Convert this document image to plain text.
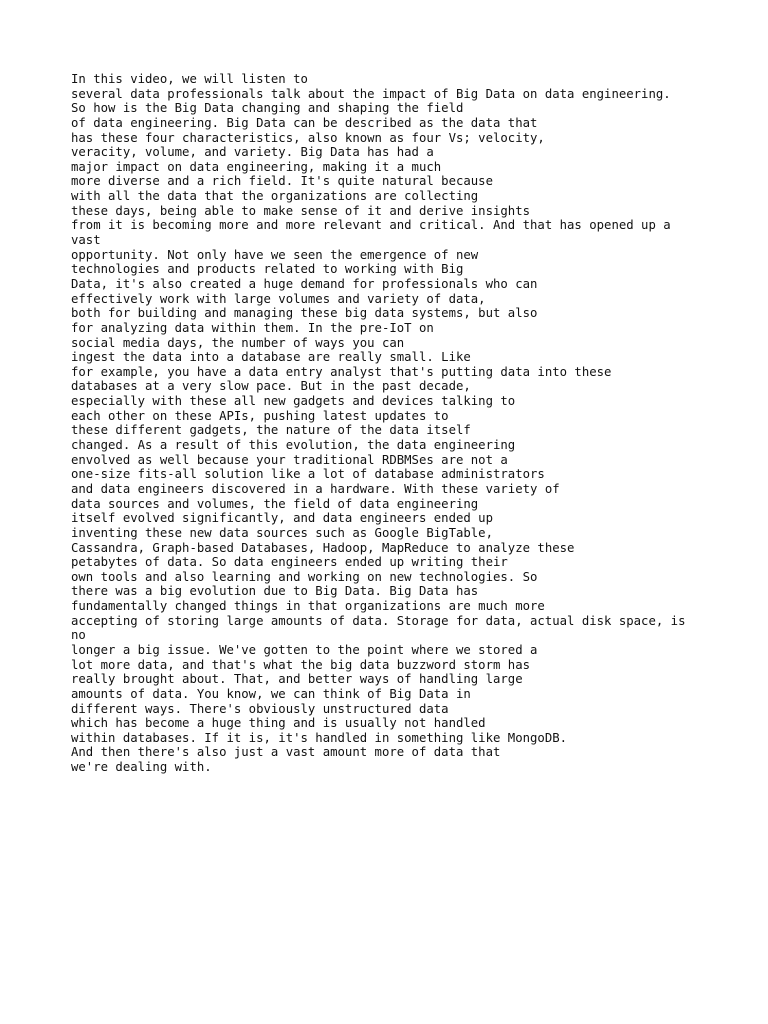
In this video, we will listen to
several data professionals talk about the impact of Big Data on data engineering.
So how is the Big Data changing and shaping the field
of data engineering. Big Data can be described as the data that
has these four characteristics, also known as four Vs; velocity,
veracity, volume, and variety. Big Data has had a
major impact on data engineering, making it a much
more diverse and a rich field. It's quite natural because
with all the data that the organizations are collecting
these days, being able to make sense of it and derive insights
from it is becoming more and more relevant and critical. And that has opened up a
vast
opportunity. Not only have we seen the emergence of new
technologies and products related to working with Big
Data, it's also created a huge demand for professionals who can
effectively work with large volumes and variety of data,
both for building and managing these big data systems, but also
for analyzing data within them. In the pre-IoT on
social media days, the number of ways you can
ingest the data into a database are really small. Like
for example, you have a data entry analyst that's putting data into these
databases at a very slow pace. But in the past decade,
especially with these all new gadgets and devices talking to
each other on these APIs, pushing latest updates to
these different gadgets, the nature of the data itself
changed. As a result of this evolution, the data engineering
envolved as well because your traditional RDBMSes are not a
one-size fits-all solution like a lot of database administrators
and data engineers discovered in a hardware. With these variety of
data sources and volumes, the field of data engineering
itself evolved significantly, and data engineers ended up
inventing these new data sources such as Google BigTable,
Cassandra, Graph-based Databases, Hadoop, MapReduce to analyze these
petabytes of data. So data engineers ended up writing their
own tools and also learning and working on new technologies. So
there was a big evolution due to Big Data. Big Data has
fundamentally changed things in that organizations are much more
accepting of storing large amounts of data. Storage for data, actual disk space, is
no
longer a big issue. We've gotten to the point where we stored a
lot more data, and that's what the big data buzzword storm has
really brought about. That, and better ways of handling large
amounts of data. You know, we can think of Big Data in
different ways. There's obviously unstructured data
which has become a huge thing and is usually not handled
within databases. If it is, it's handled in something like MongoDB.
And then there's also just a vast amount more of data that
we're dealing with.
